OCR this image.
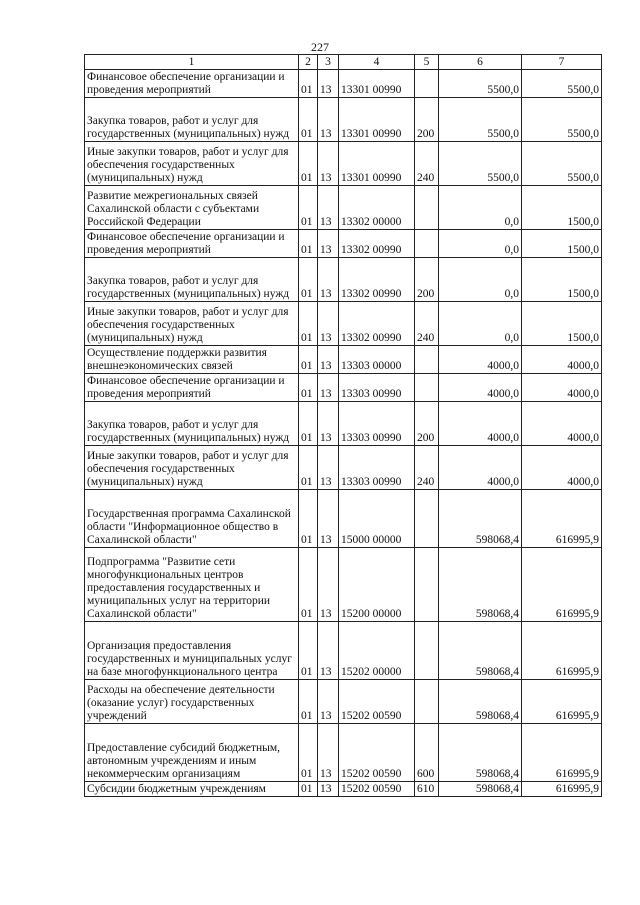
227
1	2	3	4	5	6	7
Финансовое обеспечение организации и проведения мероприятий	01	13	13301 00990		5500,0	5500,0
Закупка товаров, работ и услуг для государственных (муниципальных) нужд	01	13	13301 00990	200	5500,0	5500,0
Иные закупки товаров, работ и услуг для обеспечения государственных (муниципальных) нужд	01	13	13301 00990	240	5500,0	5500,0
Развитие межрегиональных связей Сахалинской области с субъектами Российской Федерации	01	13	13302 00000		0,0	1500,0
Финансовое обеспечение организации и проведения мероприятий	01	13	13302 00990		0,0	1500,0
Закупка товаров, работ и услуг для государственных (муниципальных) нужд	01	13	13302 00990	200	0,0	1500,0
Иные закупки товаров, работ и услуг для обеспечения государственных (муниципальных) нужд	01	13	13302 00990	240	0,0	1500,0
Осуществление поддержки развития внешнеэкономических связей	01	13	13303 00000		4000,0	4000,0
Финансовое обеспечение организации и проведения мероприятий	01	13	13303 00990		4000,0	4000,0
Закупка товаров, работ и услуг для государственных (муниципальных) нужд	01	13	13303 00990	200	4000,0	4000,0
Иные закупки товаров, работ и услуг для обеспечения государственных (муниципальных) нужд	01	13	13303 00990	240	4000,0	4000,0
Государственная программа Сахалинской области "Информационное общество в Сахалинской области"	01	13	15000 00000		598068,4	616995,9
Подпрограмма "Развитие сети многофункциональных центров предоставления государственных и муниципальных услуг на территории Сахалинской области"	01	13	15200 00000		598068,4	616995,9
Организация предоставления государственных и муниципальных услуг на базе многофункционального центра	01	13	15202 00000		598068,4	616995,9
Расходы на обеспечение деятельности (оказание услуг) государственных учреждений	01	13	15202 00590		598068,4	616995,9
Предоставление субсидий бюджетным, автономным учреждениям и иным некоммерческим организациям	01	13	15202 00590	600	598068,4	616995,9
Субсидии бюджетным учреждениям	01	13	15202 00590	610	598068,4	616995,9
